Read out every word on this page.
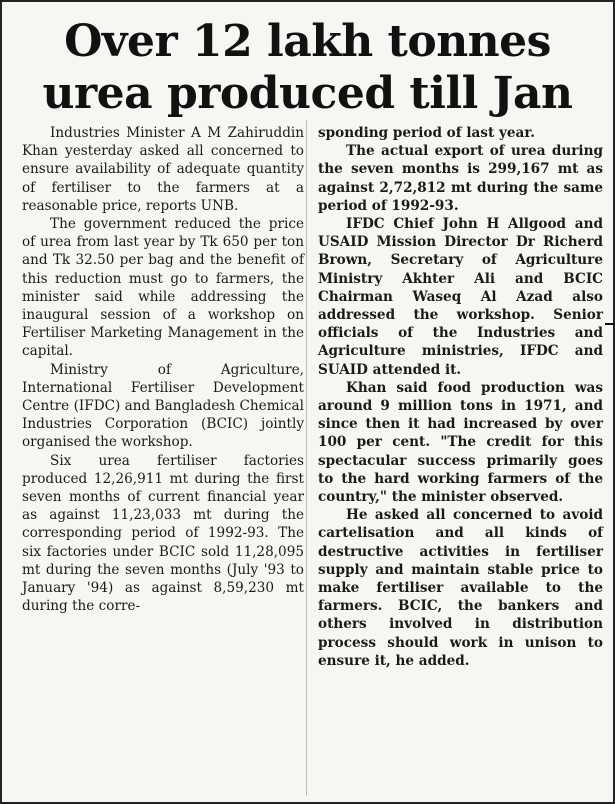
Over 12 lakh tonnes
urea produced till Jan

Industries Minister A M Zahiruddin Khan yesterday asked all concerned to ensure availability of adequate quantity of fertiliser to the farmers at a reasonable price, reports UNB.

The government reduced the price of urea from last year by Tk 650 per ton and Tk 32.50 per bag and the benefit of this reduction must go to farmers, the minister said while addressing the inaugural session of a workshop on Fertiliser Marketing Management in the capital.

Ministry of Agriculture, International Fertiliser Development Centre (IFDC) and Bangladesh Chemical Industries Corporation (BCIC) jointly organised the workshop.

Six urea fertiliser factories produced 12,26,911 mt during the first seven months of current financial year as against 11,23,033 mt during the corresponding period of 1992-93. The six factories under BCIC sold 11,28,095 mt during the seven months (July '93 to January '94) as against 8,59,230 mt during the corre-

sponding period of last year.

The actual export of urea during the seven months is 299,167 mt as against 2,72,812 mt during the same period of 1992-93.

IFDC Chief John H Allgood and USAID Mission Director Dr Richerd Brown, Secretary of Agriculture Ministry Akhter Ali and BCIC Chairman Waseq Al Azad also addressed the workshop. Senior officials of the Industries and Agriculture ministries, IFDC and SUAID attended it.

Khan said food production was around 9 million tons in 1971, and since then it had increased by over 100 per cent. "The credit for this spectacular success primarily goes to the hard working farmers of the country," the minister observed.

He asked all concerned to avoid cartelisation and all kinds of destructive activities in fertiliser supply and maintain stable price to make fertiliser available to the farmers. BCIC, the bankers and others involved in distribution process should work in unison to ensure it, he added.
